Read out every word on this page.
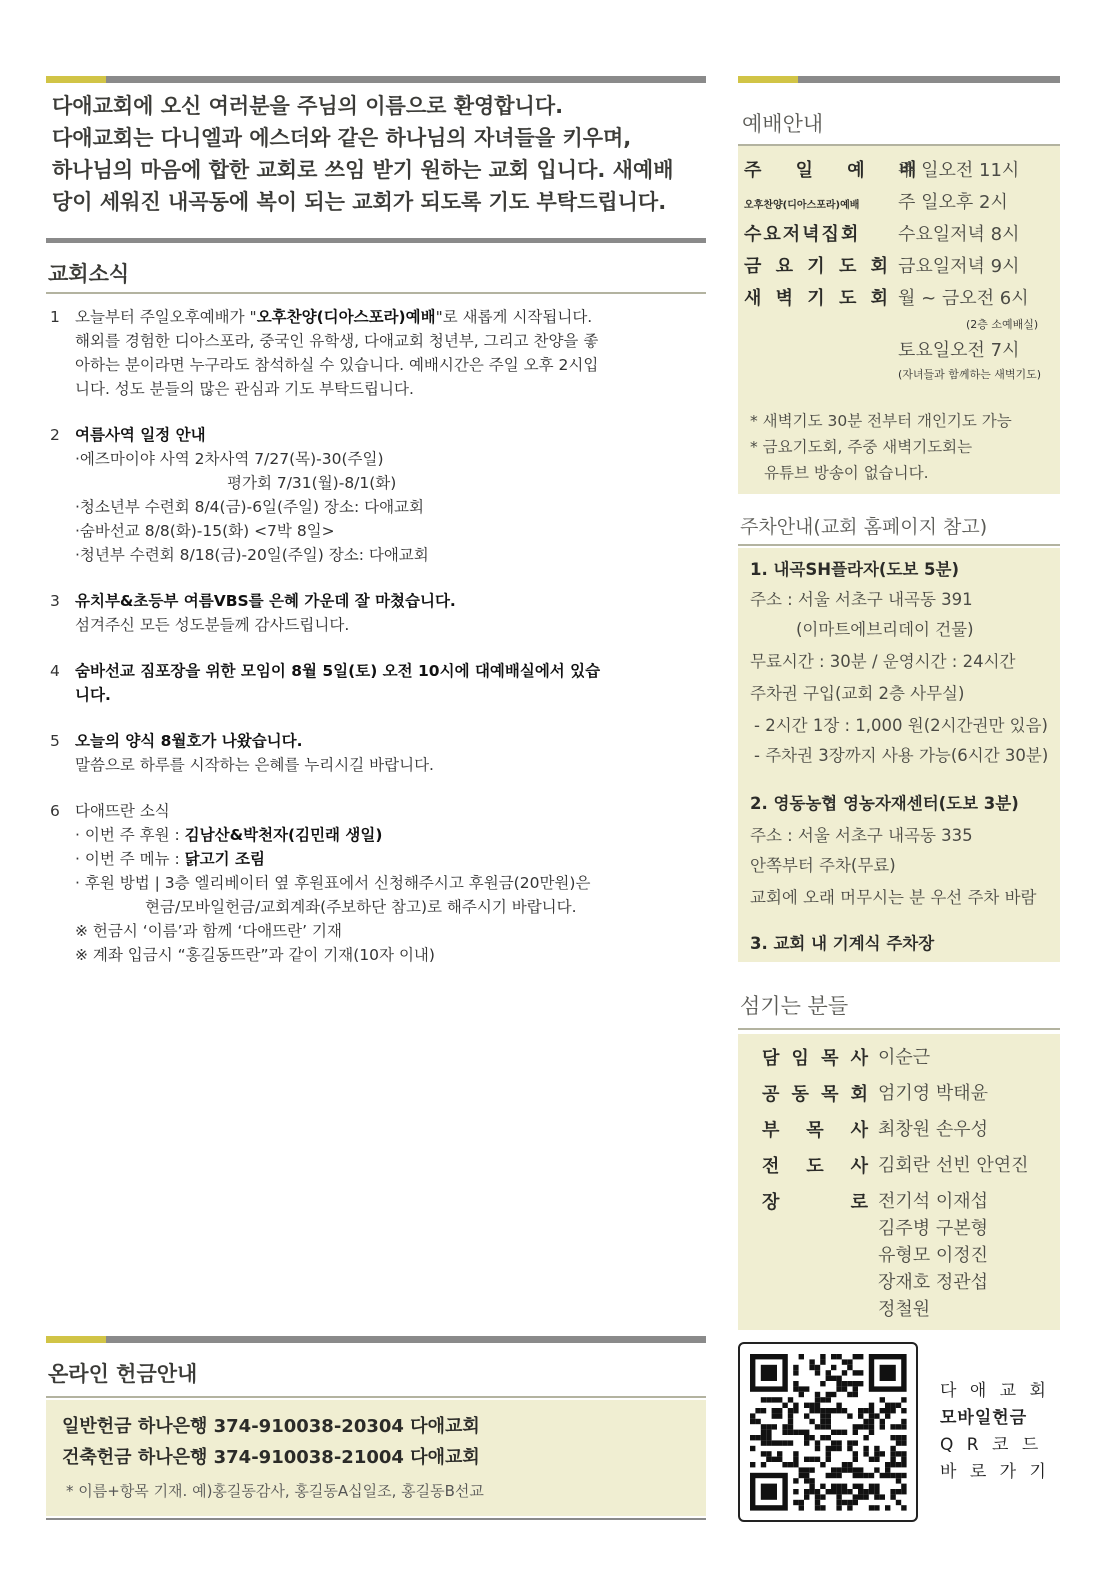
다애교회에 오신 여러분을 주님의 이름으로 환영합니다.
다애교회는 다니엘과 에스더와 같은 하나님의 자녀들을 키우며,
하나님의 마음에 합한 교회로 쓰임 받기 원하는 교회 입니다. 새예배
당이 세워진 내곡동에 복이 되는 교회가 되도록 기도 부탁드립니다.
교회소식
1 오늘부터 주일오후예배가 "오후찬양(디아스포라)예배"로 새롭게 시작됩니다.
해외를 경험한 디아스포라, 중국인 유학생, 다애교회 청년부, 그리고 찬양을 좋
아하는 분이라면 누구라도 참석하실 수 있습니다. 예배시간은 주일 오후 2시입
니다. 성도 분들의 많은 관심과 기도 부탁드립니다.
2 여름사역 일정 안내
·에즈마이야 사역 2차사역 7/27(목)-30(주일)
평가회 7/31(월)-8/1(화)
·청소년부 수련회 8/4(금)-6일(주일) 장소: 다애교회
·숨바선교 8/8(화)-15(화) <7박 8일>
·청년부 수련회 8/18(금)-20일(주일) 장소: 다애교회
3 유치부&초등부 여름VBS를 은혜 가운데 잘 마쳤습니다.
섬겨주신 모든 성도분들께 감사드립니다.
4 숨바선교 짐포장을 위한 모임이 8월 5일(토) 오전 10시에 대예배실에서 있습
니다.
5 오늘의 양식 8월호가 나왔습니다.
말씀으로 하루를 시작하는 은혜를 누리시길 바랍니다.
6 다애뜨란 소식
· 이번 주 후원 : 김남산&박천자(김민래 생일)
· 이번 주 메뉴 : 닭고기 조림
· 후원 방법 | 3층 엘리베이터 옆 후원표에서 신청해주시고 후원금(20만원)은
현금/모바일헌금/교회계좌(주보하단 참고)로 해주시기 바랍니다.
※ 헌금시 ‘이름’과 함께 ‘다애뜨란’ 기재
※ 계좌 입금시 “홍길동뜨란”과 같이 기재(10자 이내)
예배안내
주 일 예 배
주 일오전 11시
오후찬양(디아스포라)예배 주 일오후 2시
수요저녁집회 수요일저녁 8시
금 요 기 도 회 금요일저녁 9시
새 벽 기 도 회 월 ~ 금오전 6시
(2층 소예배실)
토요일오전 7시
(자녀들과 함께하는 새벽기도)
* 새벽기도 30분 전부터 개인기도 가능
* 금요기도회, 주중 새벽기도회는
유튜브 방송이 없습니다.
주차안내(교회 홈페이지 참고)
1. 내곡SH플라자(도보 5분)
주소 : 서울 서초구 내곡동 391
(이마트에브리데이 건물)
무료시간 : 30분 / 운영시간 : 24시간
주차권 구입(교회 2층 사무실)
- 2시간 1장 : 1,000 원(2시간권만 있음)
- 주차권 3장까지 사용 가능(6시간 30분)
2. 영동농협 영농자재센터(도보 3분)
주소 : 서울 서초구 내곡동 335
안쪽부터 주차(무료)
교회에 오래 머무시는 분 우선 주차 바람
3. 교회 내 기계식 주차장
섬기는 분들
담 임 목 사 이순근
공 동 목 회 엄기영 박태윤
부 목 사 최창원 손우성
전 도 사 김회란 선빈 안연진
장	로 전기석 이재섭
김주병 구본형
유형모 이정진
장재호 정관섭
정철원
온라인 헌금안내
일반헌금 하나은행 374-910038-20304 다애교회
건축헌금 하나은행 374-910038-21004 다애교회
* 이름+항목 기재. 예)홍길동감사, 홍길동A십일조, 홍길동B선교
다 애 교 회
모바일헌금
Q R 코 드
바 로 가 기
